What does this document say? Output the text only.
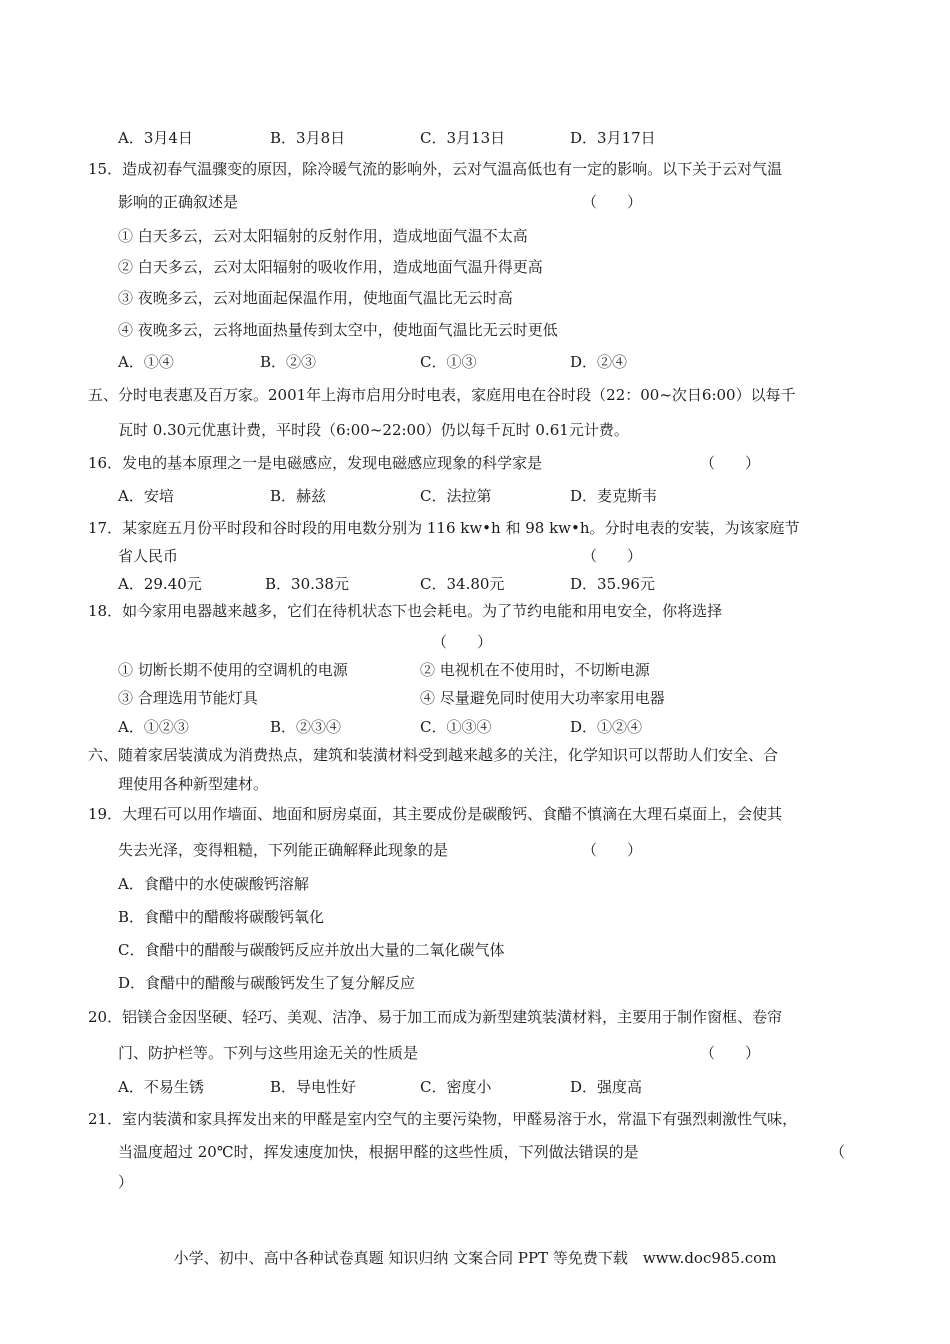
A．3月4日	B．3月8日	C．3月13日	D．3月17日
15．造成初春气温骤变的原因，除冷暖气流的影响外，云对气温高低也有一定的影响。以下关于云对气温
影响的正确叙述是	（　　）
① 白天多云，云对太阳辐射的反射作用，造成地面气温不太高
② 白天多云，云对太阳辐射的吸收作用，造成地面气温升得更高
③ 夜晚多云，云对地面起保温作用，使地面气温比无云时高
④ 夜晚多云，云将地面热量传到太空中，使地面气温比无云时更低
A．①④	B．②③	C．①③	D．②④
五、分时电表惠及百万家。2001年上海市启用分时电表，家庭用电在谷时段（22：00~次日6:00）以每千
瓦时 0.30元优惠计费，平时段（6:00~22:00）仍以每千瓦时 0.61元计费。
16．发电的基本原理之一是电磁感应，发现电磁感应现象的科学家是	（　　）
A．安培	B．赫兹	C．法拉第	D．麦克斯韦
17．某家庭五月份平时段和谷时段的用电数分别为 116 kw•h 和 98 kw•h。分时电表的安装，为该家庭节
省人民币	（　　）
A．29.40元	B．30.38元	C．34.80元	D．35.96元
18．如今家用电器越来越多，它们在待机状态下也会耗电。为了节约电能和用电安全，你将选择
（　　）
① 切断长期不使用的空调机的电源	② 电视机在不使用时，不切断电源
③ 合理选用节能灯具	④ 尽量避免同时使用大功率家用电器
A．①②③	B．②③④	C．①③④	D．①②④
六、随着家居装潢成为消费热点，建筑和装潢材料受到越来越多的关注，化学知识可以帮助人们安全、合
理使用各种新型建材。
19．大理石可以用作墙面、地面和厨房桌面，其主要成份是碳酸钙、食醋不慎滴在大理石桌面上，会使其
失去光泽，变得粗糙，下列能正确解释此现象的是	（　　）
A．食醋中的水使碳酸钙溶解
B．食醋中的醋酸将碳酸钙氧化
C．食醋中的醋酸与碳酸钙反应并放出大量的二氧化碳气体
D．食醋中的醋酸与碳酸钙发生了复分解反应
20．铝镁合金因坚硬、轻巧、美观、洁净、易于加工而成为新型建筑装潢材料，主要用于制作窗框、卷帘
门、防护栏等。下列与这些用途无关的性质是	（　　）
A．不易生锈	B．导电性好	C．密度小	D．强度高
21．室内装潢和家具挥发出来的甲醛是室内空气的主要污染物，甲醛易溶于水，常温下有强烈刺激性气味，
当温度超过 20℃时，挥发速度加快，根据甲醛的这些性质，下列做法错误的是	（
）
小学、初中、高中各种试卷真题 知识归纳 文案合同 PPT 等免费下载　www.doc985.com
